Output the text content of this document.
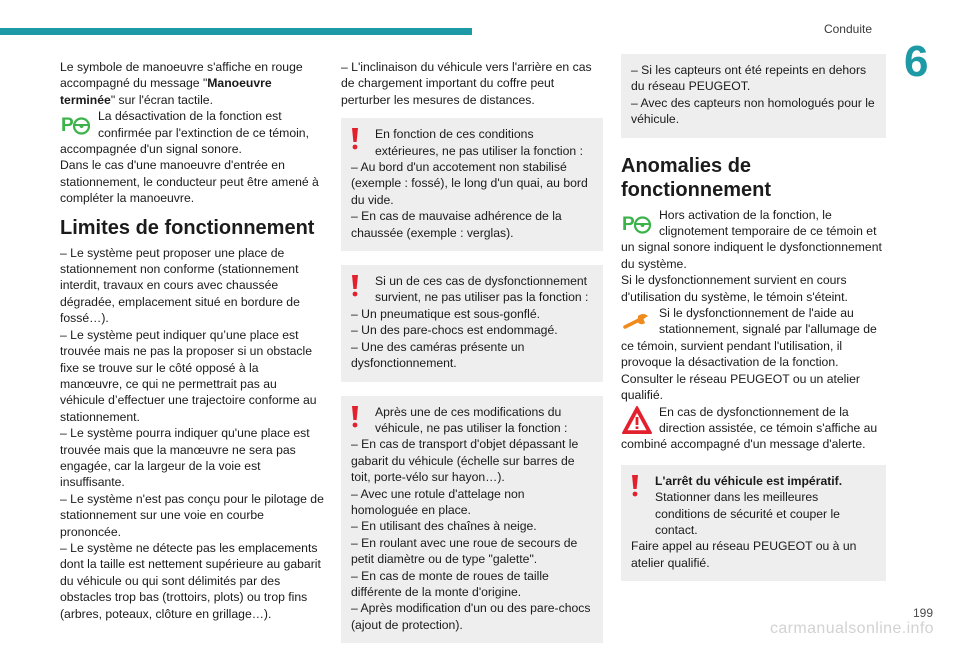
Conduite
6

Le symbole de manoeuvre s'affiche en rouge accompagné du message "Manoeuvre terminée" sur l'écran tactile.

P	La désactivation de la fonction est confirmée par l'extinction de ce témoin,

accompagnée d'un signal sonore.

Dans le cas d'une manoeuvre d'entrée en stationnement, le conducteur peut être amené à compléter la manoeuvre.

Limites de fonctionnement

– Le système peut proposer une place de stationnement non conforme (stationnement interdit, travaux en cours avec chaussée dégradée, emplacement situé en bordure de fossé…).

– Le système peut indiquer qu’une place est trouvée mais ne pas la proposer si un obstacle fixe se trouve sur le côté opposé à la manœuvre, ce qui ne permettrait pas au véhicule d’effectuer une trajectoire conforme au stationnement.

– Le système pourra indiquer qu'une place est trouvée mais que la manœuvre ne sera pas engagée, car la largeur de la voie est insuffisante.

– Le système n'est pas conçu pour le pilotage de stationnement sur une voie en courbe prononcée.

– Le système ne détecte pas les emplacements dont la taille est nettement supérieure au gabarit du véhicule ou qui sont délimités par des obstacles trop bas (trottoirs, plots) ou trop fins (arbres, poteaux, clôture en grillage…).

– L'inclinaison du véhicule vers l'arrière en cas de chargement important du coffre peut perturber les mesures de distances.

En fonction de ces conditions extérieures, ne pas utiliser la fonction :

– Au bord d'un accotement non stabilisé (exemple : fossé), le long d'un quai, au bord du vide.

– En cas de mauvaise adhérence de la chaussée (exemple : verglas).

Si un de ces cas de dysfonctionnement survient, ne pas utiliser pas la fonction :

– Un pneumatique est sous-gonflé.

– Un des pare-chocs est endommagé.

– Une des caméras présente un dysfonctionnement.

Après une de ces modifications du véhicule, ne pas utiliser la fonction :

– En cas de transport d'objet dépassant le gabarit du véhicule (échelle sur barres de toit, porte-vélo sur hayon…).

– Avec une rotule d'attelage non homologuée en place.

– En utilisant des chaînes à neige.

– En roulant avec une roue de secours de petit diamètre ou de type "galette".

– En cas de monte de roues de taille différente de la monte d'origine.

– Après modification d'un ou des pare-chocs (ajout de protection).

– Si les capteurs ont été repeints en dehors du réseau PEUGEOT.

– Avec des capteurs non homologués pour le véhicule.

Anomalies de fonctionnement
P	Hors activation de la fonction, le clignotement temporaire de ce témoin et

un signal sonore indiquent le dysfonctionnement du système.

Si le dysfonctionnement survient en cours d'utilisation du système, le témoin s'éteint.

Si le dysfonctionnement de l'aide au stationnement, signalé par l'allumage de

ce témoin, survient pendant l'utilisation, il provoque la désactivation de la fonction.

Consulter le réseau PEUGEOT ou un atelier qualifié.

En cas de dysfonctionnement de la direction assistée, ce témoin s'affiche au

combiné accompagné d'un message d'alerte.

L'arrêt du véhicule est impératif.

Stationner dans les meilleures conditions de sécurité et couper le contact.

Faire appel au réseau PEUGEOT ou à un atelier qualifié.

199
carmanualsonline.info
